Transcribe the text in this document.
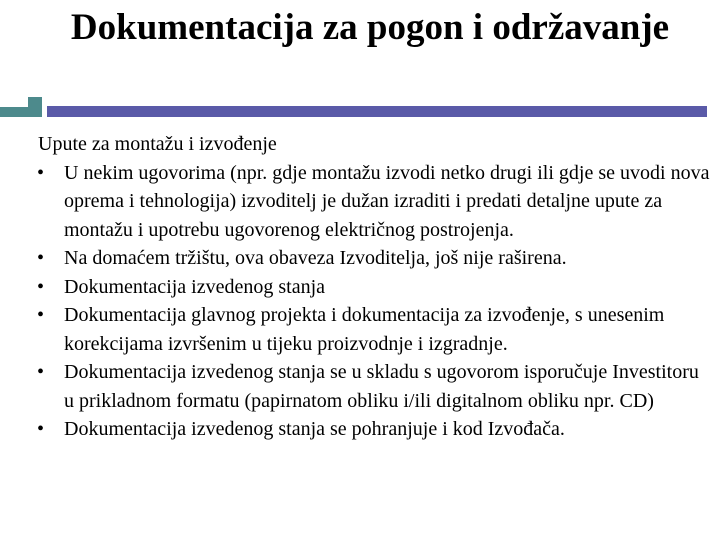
Dokumentacija za pogon i održavanje

Upute za montažu i izvođenje

• U nekim ugovorima (npr. gdje montažu izvodi netko drugi ili gdje se uvodi nova oprema i tehnologija) izvoditelj je dužan izraditi i predati detaljne upute za montažu i upotrebu ugovorenog električnog postrojenja.
• Na domaćem tržištu, ova obaveza Izvoditelja, još nije raširena.
• Dokumentacija izvedenog stanja
• Dokumentacija glavnog projekta i dokumentacija za izvođenje, s unesenim korekcijama izvršenim u tijeku proizvodnje i izgradnje.
• Dokumentacija izvedenog stanja se u skladu s ugovorom isporučuje Investitoru u prikladnom formatu (papirnatom obliku i/ili digitalnom obliku npr. CD)
• Dokumentacija izvedenog stanja se pohranjuje i kod Izvođača.
